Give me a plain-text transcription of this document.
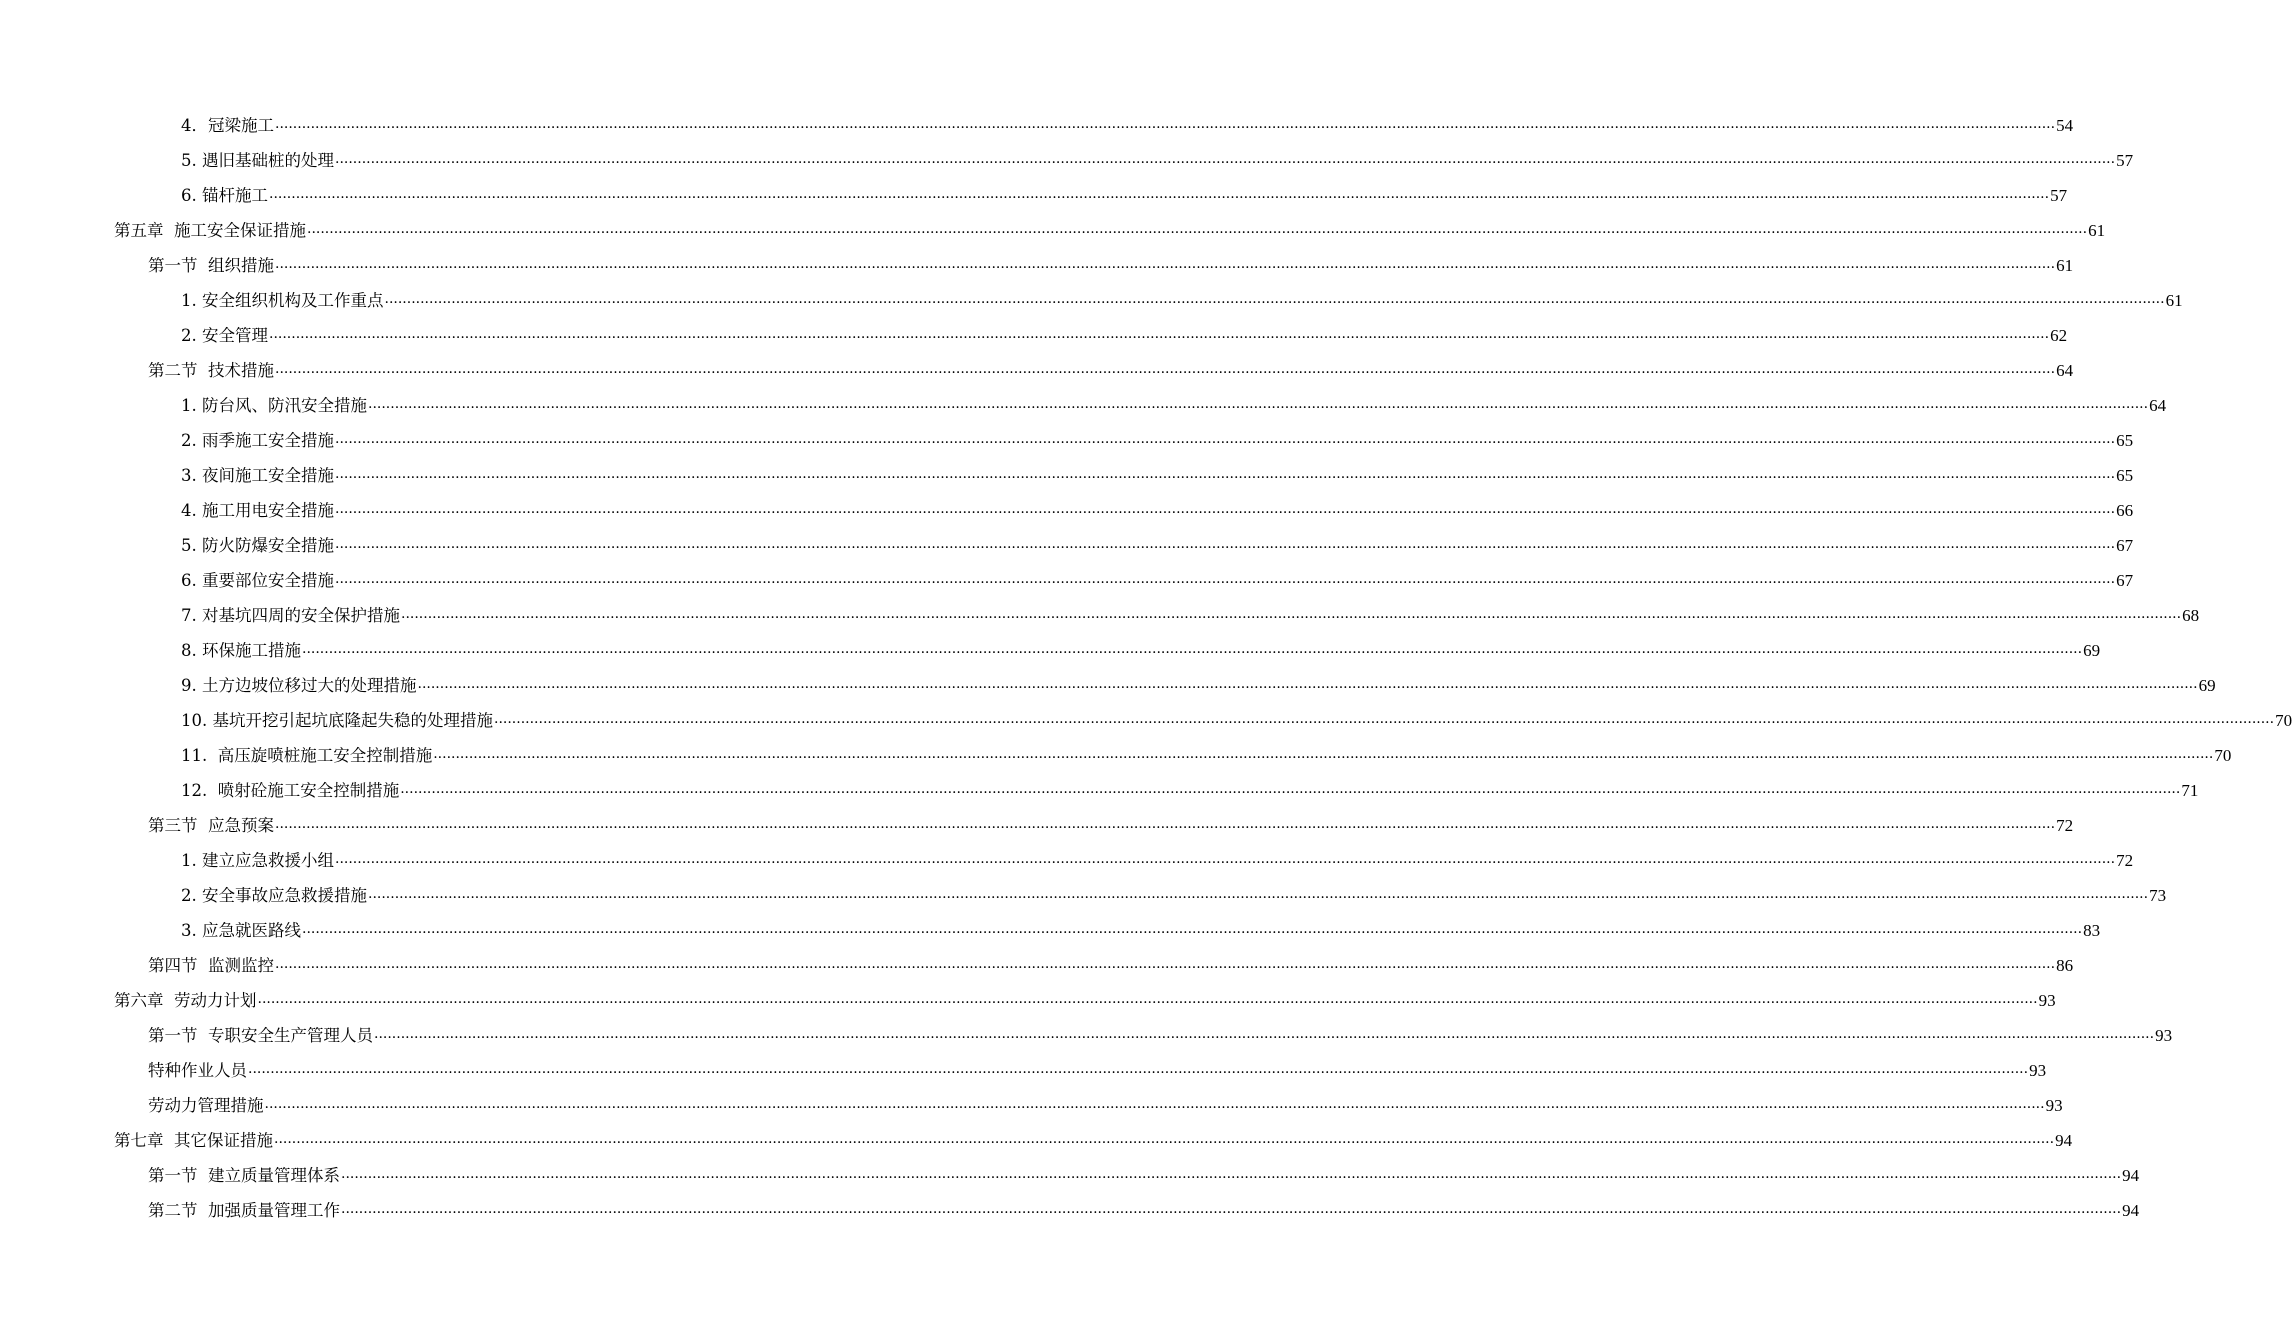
4．冠梁施工 ................................................................................................................................................................................................................................................................................................................................................................................................................ 54
5. 遇旧基础桩的处理 ................................................................................................................................................................................................................................................................................................................................................................................................................ 57
6. 锚杆施工 ................................................................................................................................................................................................................................................................................................................................................................................................................ 57
第五章  施工安全保证措施 ................................................................................................................................................................................................................................................................................................................................................................................................................ 61
第一节  组织措施 ................................................................................................................................................................................................................................................................................................................................................................................................................ 61
1. 安全组织机构及工作重点 ................................................................................................................................................................................................................................................................................................................................................................................................................ 61
2. 安全管理 ................................................................................................................................................................................................................................................................................................................................................................................................................ 62
第二节  技术措施 ................................................................................................................................................................................................................................................................................................................................................................................................................ 64
1. 防台风、防汛安全措施 ................................................................................................................................................................................................................................................................................................................................................................................................................ 64
2. 雨季施工安全措施 ................................................................................................................................................................................................................................................................................................................................................................................................................ 65
3. 夜间施工安全措施 ................................................................................................................................................................................................................................................................................................................................................................................................................ 65
4. 施工用电安全措施 ................................................................................................................................................................................................................................................................................................................................................................................................................ 66
5. 防火防爆安全措施 ................................................................................................................................................................................................................................................................................................................................................................................................................ 67
6. 重要部位安全措施 ................................................................................................................................................................................................................................................................................................................................................................................................................ 67
7. 对基坑四周的安全保护措施 ................................................................................................................................................................................................................................................................................................................................................................................................................ 68
8. 环保施工措施 ................................................................................................................................................................................................................................................................................................................................................................................................................ 69
9. 土方边坡位移过大的处理措施 ................................................................................................................................................................................................................................................................................................................................................................................................................ 69
10. 基坑开挖引起坑底隆起失稳的处理措施 ................................................................................................................................................................................................................................................................................................................................................................................................................ 70
11.  高压旋喷桩施工安全控制措施 ................................................................................................................................................................................................................................................................................................................................................................................................................ 70
12.  喷射砼施工安全控制措施 ................................................................................................................................................................................................................................................................................................................................................................................................................ 71
第三节  应急预案 ................................................................................................................................................................................................................................................................................................................................................................................................................ 72
1. 建立应急救援小组 ................................................................................................................................................................................................................................................................................................................................................................................................................ 72
2. 安全事故应急救援措施 ................................................................................................................................................................................................................................................................................................................................................................................................................ 73
3. 应急就医路线 ................................................................................................................................................................................................................................................................................................................................................................................................................ 83
第四节  监测监控 ................................................................................................................................................................................................................................................................................................................................................................................................................ 86
第六章  劳动力计划 ................................................................................................................................................................................................................................................................................................................................................................................................................ 93
第一节  专职安全生产管理人员 ................................................................................................................................................................................................................................................................................................................................................................................................................ 93
特种作业人员 ................................................................................................................................................................................................................................................................................................................................................................................................................ 93
劳动力管理措施 ................................................................................................................................................................................................................................................................................................................................................................................................................ 93
第七章  其它保证措施 ................................................................................................................................................................................................................................................................................................................................................................................................................ 94
第一节  建立质量管理体系 ................................................................................................................................................................................................................................................................................................................................................................................................................ 94
第二节  加强质量管理工作 ................................................................................................................................................................................................................................................................................................................................................................................................................ 94
